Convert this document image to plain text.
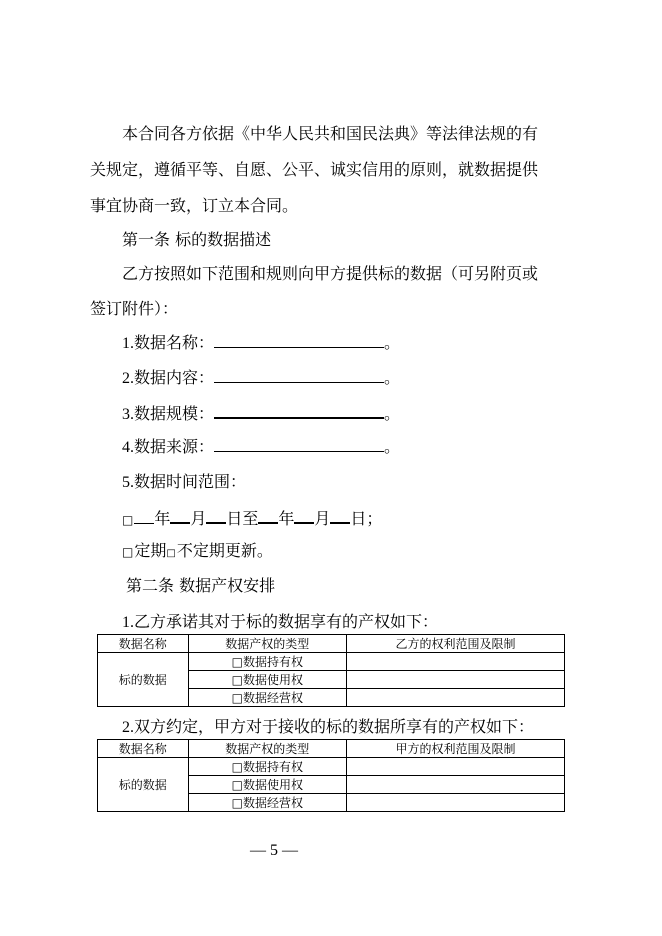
本合同各方依据《中华人民共和国民法典》等法律法规的有
关规定，遵循平等、自愿、公平、诚实信用的原则，就数据提供
事宜协商一致，订立本合同。
第一条 标的数据描述
乙方按照如下范围和规则向甲方提供标的数据（可另附页或
签订附件）：
1.数据名称：	。
2.数据内容：	。
3.数据规模：	。
4.数据来源：	。
5.数据时间范围：
□ 年 月 日至 年 月 日；
□定期□不定期更新。
第二条 数据产权安排
1.乙方承诺其对于标的数据享有的产权如下：
数据名称	数据产权的类型	乙方的权利范围及限制
标的数据	□数据持有权	
	□数据使用权	
	□数据经营权	
2.双方约定，甲方对于接收的标的数据所享有的产权如下：
数据名称	数据产权的类型	甲方的权利范围及限制
标的数据	□数据持有权	
	□数据使用权	
	□数据经营权	
— 5 —
